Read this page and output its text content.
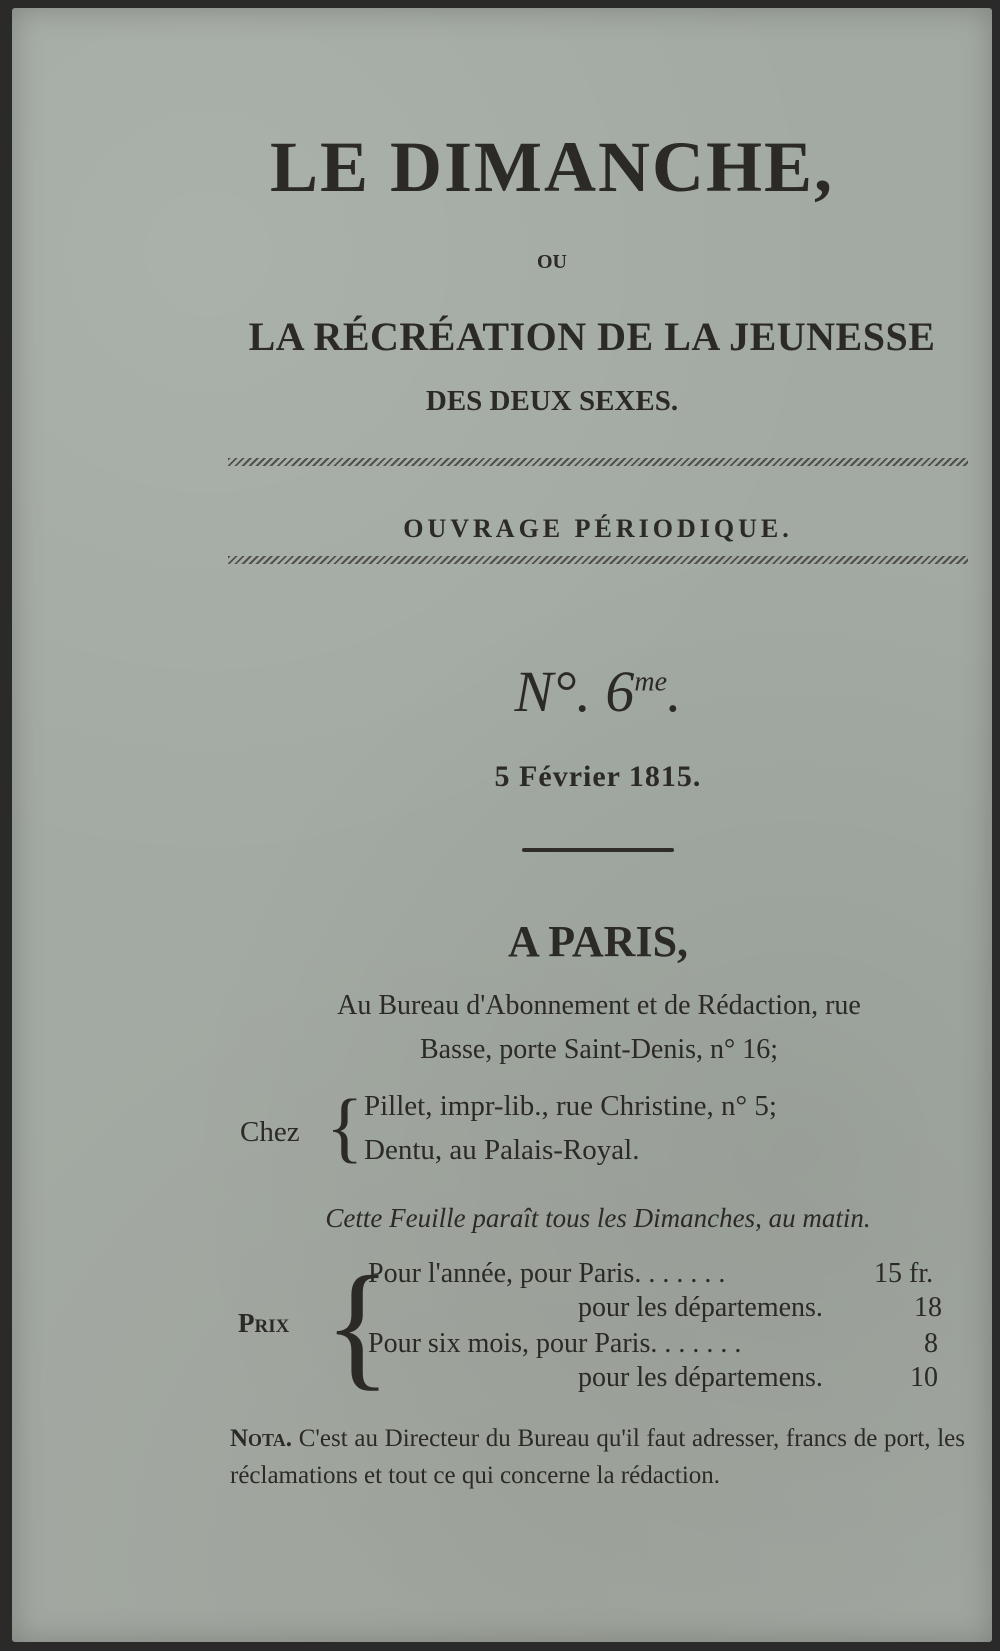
LE DIMANCHE,
OU
LA RÉCRÉATION DE LA JEUNESSE
DES DEUX SEXES.
OUVRAGE PÉRIODIQUE.
N°. $6^{me}$.
5 Février 1815.
A PARIS,
Au Bureau d'Abonnement et de Rédaction, rue
Basse, porte Saint-Denis, n° 16;
Chez { Pillet, impr-lib., rue Christine, n° 5;
Dentu, au Palais-Royal.
Cette Feuille paraît tous les Dimanches, au matin.
Prix {
Pour l'année, pour Paris. . . . . . .	15 fr.
pour les départemens.	18
Pour six mois, pour Paris. . . . . . .	8
pour les départemens.	10
Nota. C'est au Directeur du Bureau qu'il faut adresser, francs de port, les réclamations et tout ce qui concerne la rédaction.
